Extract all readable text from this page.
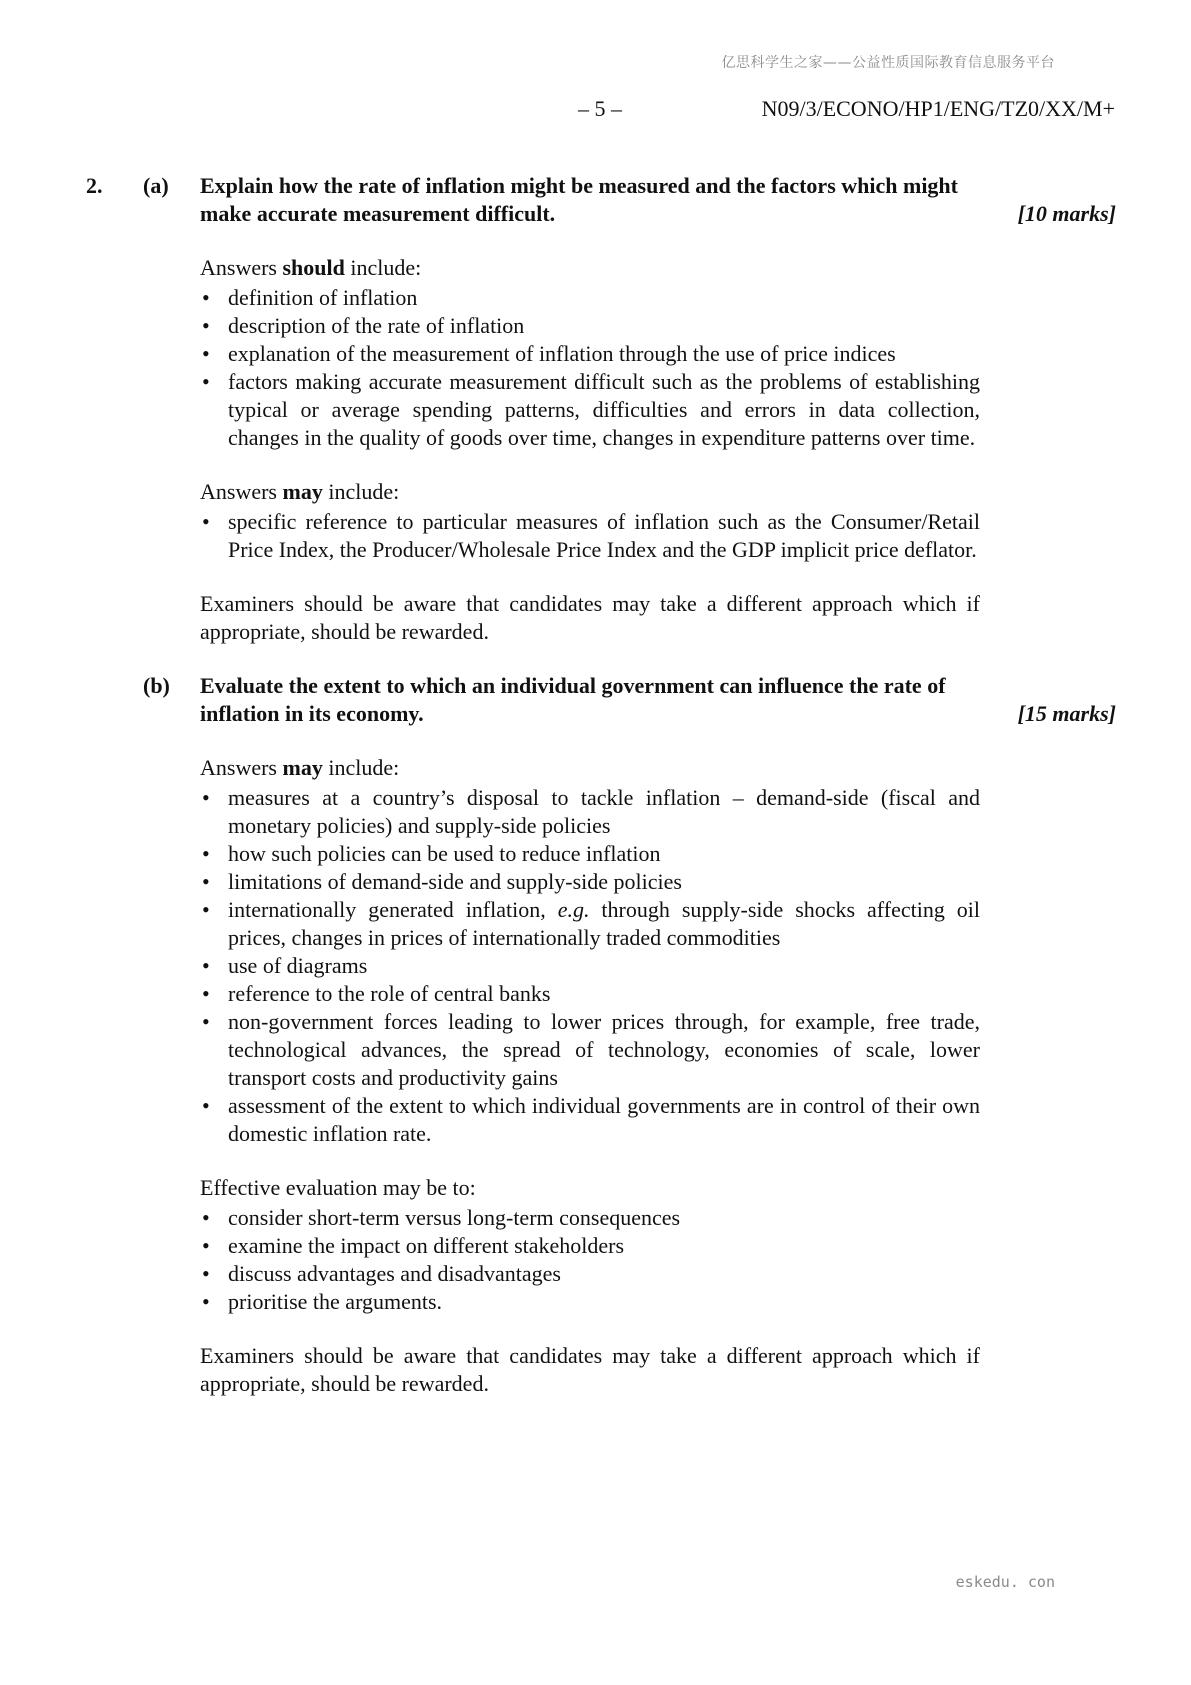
亿思科学生之家——公益性质国际教育信息服务平台
– 5 –	N09/3/ECONO/HP1/ENG/TZ0/XX/M+
2. (a) Explain how the rate of inflation might be measured and the factors which might make accurate measurement difficult.	[10 marks]
Answers should include:
• definition of inflation
• description of the rate of inflation
• explanation of the measurement of inflation through the use of price indices
• factors making accurate measurement difficult such as the problems of establishing typical or average spending patterns, difficulties and errors in data collection, changes in the quality of goods over time, changes in expenditure patterns over time.
Answers may include:
• specific reference to particular measures of inflation such as the Consumer/Retail Price Index, the Producer/Wholesale Price Index and the GDP implicit price deflator.

Examiners should be aware that candidates may take a different approach which if appropriate, should be rewarded.

(b) Evaluate the extent to which an individual government can influence the rate of inflation in its economy.	[15 marks]
Answers may include:
• measures at a country’s disposal to tackle inflation – demand-side (fiscal and monetary policies) and supply-side policies
• how such policies can be used to reduce inflation
• limitations of demand-side and supply-side policies
• internationally generated inflation, e.g. through supply-side shocks affecting oil prices, changes in prices of internationally traded commodities
• use of diagrams
• reference to the role of central banks
• non-government forces leading to lower prices through, for example, free trade, technological advances, the spread of technology, economies of scale, lower transport costs and productivity gains
• assessment of the extent to which individual governments are in control of their own domestic inflation rate.
Effective evaluation may be to:
• consider short-term versus long-term consequences
• examine the impact on different stakeholders
• discuss advantages and disadvantages
• prioritise the arguments.

Examiners should be aware that candidates may take a different approach which if appropriate, should be rewarded.

eskedu. con
